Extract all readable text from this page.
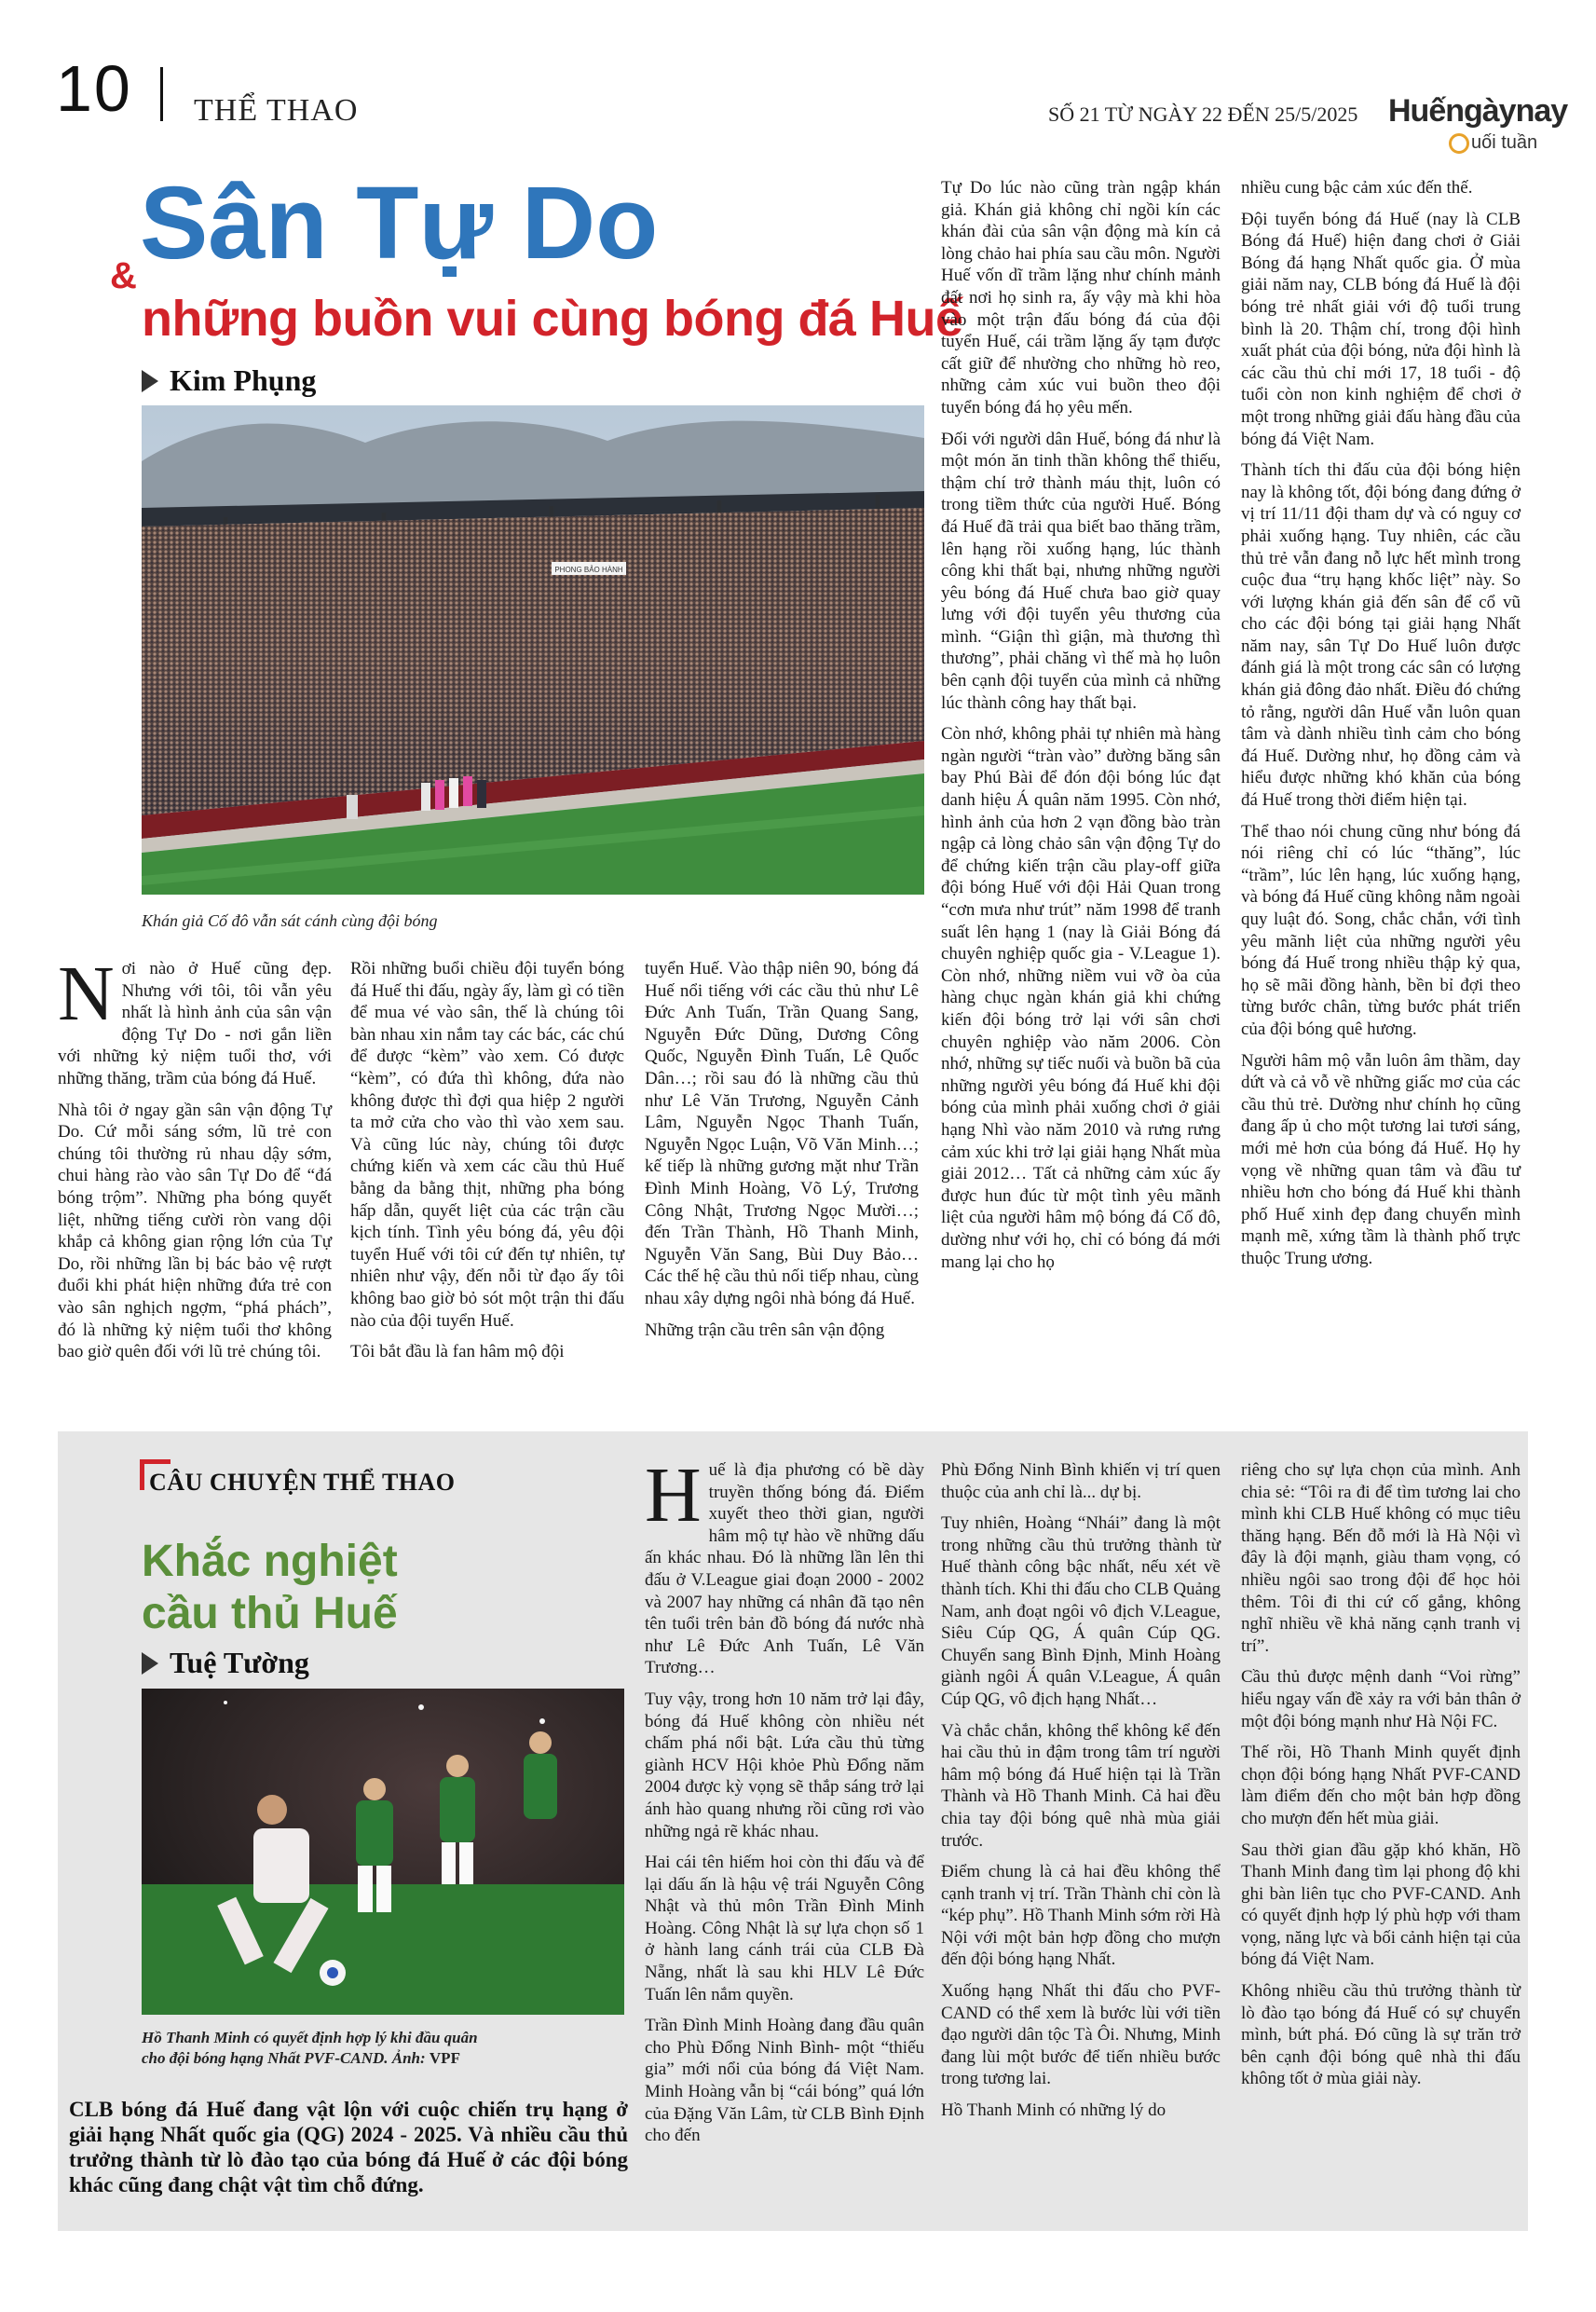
10 THỂ THAO	SỐ 21 TỪ NGÀY 22 ĐẾN 25/5/2025 Huếngàynay
uối tuần
Sân Tự Do
&
những buồn vui cùng bóng đá Huế
Kim Phụng
PHONG BẢO HÀNH
Khán giả Cố đô vẫn sát cánh cùng đội bóng
N ơi nào ở Huế cũng đẹp. Nhưng với tôi, tôi vẫn yêu nhất là hình ảnh của sân vận động Tự Do - nơi gắn liền với những kỷ niệm tuổi thơ, với những thăng, trầm của bóng đá Huế.

Nhà tôi ở ngay gần sân vận động Tự Do. Cứ mỗi sáng sớm, lũ trẻ con chúng tôi thường rủ nhau dậy sớm, chui hàng rào vào sân Tự Do để “đá bóng trộm”. Những pha bóng quyết liệt, những tiếng cười ròn vang dội khắp cả không gian rộng lớn của Tự Do, rồi những lần bị bác bảo vệ rượt đuổi khi phát hiện những đứa trẻ con vào sân nghịch ngợm, “phá phách”, đó là những kỷ niệm tuổi thơ không bao giờ quên đối với lũ trẻ chúng tôi.

Rồi những buổi chiều đội tuyển bóng đá Huế thi đấu, ngày ấy, làm gì có tiền để mua vé vào sân, thế là chúng tôi bàn nhau xin nắm tay các bác, các chú để được “kèm” vào xem. Có được “kèm”, có đứa thì không, đứa nào không được thì đợi qua hiệp 2 người ta mở cửa cho vào thì vào xem sau. Và cũng lúc này, chúng tôi được chứng kiến và xem các cầu thủ Huế bằng da bằng thịt, những pha bóng hấp dẫn, quyết liệt của các trận cầu kịch tính. Tình yêu bóng đá, yêu đội tuyển Huế với tôi cứ đến tự nhiên, tự nhiên như vậy, đến nỗi từ đạo ấy tôi không bao giờ bỏ sót một trận thi đấu nào của đội tuyển Huế.

Tôi bắt đầu là fan hâm mộ đội

tuyển Huế. Vào thập niên 90, bóng đá Huế nổi tiếng với các cầu thủ như Lê Đức Anh Tuấn, Trần Quang Sang, Nguyễn Đức Dũng, Dương Công Quốc, Nguyễn Đình Tuấn, Lê Quốc Dân…; rồi sau đó là những cầu thủ như Lê Văn Trương, Nguyễn Cảnh Lâm, Nguyễn Ngọc Thanh Tuấn, Nguyễn Ngọc Luận, Võ Văn Minh…; kế tiếp là những gương mặt như Trần Đình Minh Hoàng, Võ Lý, Trương Công Nhật, Trương Ngọc Mười…; đến Trần Thành, Hồ Thanh Minh, Nguyễn Văn Sang, Bùi Duy Bảo… Các thế hệ cầu thủ nối tiếp nhau, cùng nhau xây dựng ngôi nhà bóng đá Huế.

Những trận cầu trên sân vận động

Tự Do lúc nào cũng tràn ngập khán giả. Khán giả không chỉ ngồi kín các khán đài của sân vận động mà kín cả lòng chảo hai phía sau cầu môn. Người Huế vốn dĩ trầm lặng như chính mảnh đất nơi họ sinh ra, ấy vậy mà khi hòa vào một trận đấu bóng đá của đội tuyển Huế, cái trầm lặng ấy tạm được cất giữ để nhường cho những hò reo, những cảm xúc vui buồn theo đội tuyển bóng đá họ yêu mến.

Đối với người dân Huế, bóng đá như là một món ăn tinh thần không thể thiếu, thậm chí trở thành máu thịt, luôn có trong tiềm thức của người Huế. Bóng đá Huế đã trải qua biết bao thăng trầm, lên hạng rồi xuống hạng, lúc thành công khi thất bại, nhưng những người yêu bóng đá Huế chưa bao giờ quay lưng với đội tuyển yêu thương của mình. “Giận thì giận, mà thương thì thương”, phải chăng vì thế mà họ luôn bên cạnh đội tuyển của mình cả những lúc thành công hay thất bại.

Còn nhớ, không phải tự nhiên mà hàng ngàn người “tràn vào” đường băng sân bay Phú Bài để đón đội bóng lúc đạt danh hiệu Á quân năm 1995. Còn nhớ, hình ảnh của hơn 2 vạn đồng bào tràn ngập cả lòng chảo sân vận động Tự do để chứng kiến trận cầu play-off giữa đội bóng Huế với đội Hải Quan trong “cơn mưa như trút” năm 1998 để tranh suất lên hạng 1 (nay là Giải Bóng đá chuyên nghiệp quốc gia - V.League 1). Còn nhớ, những niềm vui vỡ òa của hàng chục ngàn khán giả khi chứng kiến đội bóng trở lại với sân chơi chuyên nghiệp vào năm 2006. Còn nhớ, những sự tiếc nuối và buồn bã của những người yêu bóng đá Huế khi đội bóng của mình phải xuống chơi ở giải hạng Nhì vào năm 2010 và rưng rưng cảm xúc khi trở lại giải hạng Nhất mùa giải 2012… Tất cả những cảm xúc ấy được hun đúc từ một tình yêu mãnh liệt của người hâm mộ bóng đá Cố đô, dường như với họ, chỉ có bóng đá mới mang lại cho họ

nhiều cung bậc cảm xúc đến thế.

Đội tuyển bóng đá Huế (nay là CLB Bóng đá Huế) hiện đang chơi ở Giải Bóng đá hạng Nhất quốc gia. Ở mùa giải năm nay, CLB bóng đá Huế là đội bóng trẻ nhất giải với độ tuổi trung bình là 20. Thậm chí, trong đội hình xuất phát của đội bóng, nửa đội hình là các cầu thủ chỉ mới 17, 18 tuổi - độ tuổi còn non kinh nghiệm để chơi ở một trong những giải đấu hàng đầu của bóng đá Việt Nam.

Thành tích thi đấu của đội bóng hiện nay là không tốt, đội bóng đang đứng ở vị trí 11/11 đội tham dự và có nguy cơ phải xuống hạng. Tuy nhiên, các cầu thủ trẻ vẫn đang nỗ lực hết mình trong cuộc đua “trụ hạng khốc liệt” này. So với lượng khán giả đến sân để cổ vũ cho các đội bóng tại giải hạng Nhất năm nay, sân Tự Do Huế luôn được đánh giá là một trong các sân có lượng khán giả đông đảo nhất. Điều đó chứng tỏ rằng, người dân Huế vẫn luôn quan tâm và dành nhiều tình cảm cho bóng đá Huế. Dường như, họ đồng cảm và hiểu được những khó khăn của bóng đá Huế trong thời điểm hiện tại.

Thể thao nói chung cũng như bóng đá nói riêng chỉ có lúc “thăng”, lúc “trầm”, lúc lên hạng, lúc xuống hạng, và bóng đá Huế cũng không nằm ngoài quy luật đó. Song, chắc chắn, với tình yêu mãnh liệt của những người yêu bóng đá Huế trong nhiều thập kỷ qua, họ sẽ mãi đồng hành, bền bỉ đợi theo từng bước chân, từng bước phát triển của đội bóng quê hương.

Người hâm mộ vẫn luôn âm thầm, day dứt và cả vỗ về những giấc mơ của các cầu thủ trẻ. Dường như chính họ cũng đang ấp ủ cho một tương lai tươi sáng, mới mẻ hơn của bóng đá Huế. Họ hy vọng về những quan tâm và đầu tư nhiều hơn cho bóng đá Huế khi thành phố Huế xinh đẹp đang chuyển mình mạnh mẽ, xứng tầm là thành phố trực thuộc Trung ương.

CÂU CHUYỆN THỂ THAO
Khắc nghiệt
cầu thủ Huế
Tuệ Tường
Hồ Thanh Minh có quyết định hợp lý khi đầu quân
cho đội bóng hạng Nhất PVF-CAND. Ảnh: VPF
CLB bóng đá Huế đang vật lộn với cuộc chiến trụ hạng ở giải hạng Nhất quốc gia (QG) 2024 - 2025. Và nhiều cầu thủ trưởng thành từ lò đào tạo của bóng đá Huế ở các đội bóng khác cũng đang chật vật tìm chỗ đứng.
H uế là địa phương có bề dày truyền thống bóng đá. Điểm xuyết theo thời gian, người hâm mộ tự hào về những dấu ấn khác nhau. Đó là những lần lên thi đấu ở V.League giai đoạn 2000 - 2002 và 2007 hay những cá nhân đã tạo nên tên tuổi trên bản đồ bóng đá nước nhà như Lê Đức Anh Tuấn, Lê Văn Trương…

Tuy vậy, trong hơn 10 năm trở lại đây, bóng đá Huế không còn nhiều nét chấm phá nổi bật. Lứa cầu thủ từng giành HCV Hội khỏe Phù Đổng năm 2004 được kỳ vọng sẽ thắp sáng trở lại ánh hào quang nhưng rồi cũng rơi vào những ngả rẽ khác nhau.

Hai cái tên hiếm hoi còn thi đấu và để lại dấu ấn là hậu vệ trái Nguyễn Công Nhật và thủ môn Trần Đình Minh Hoàng. Công Nhật là sự lựa chọn số 1 ở hành lang cánh trái của CLB Đà Nẵng, nhất là sau khi HLV Lê Đức Tuấn lên nắm quyền.

Trần Đình Minh Hoàng đang đầu quân cho Phù Đổng Ninh Bình- một “thiếu gia” mới nổi của bóng đá Việt Nam. Minh Hoàng vẫn bị “cái bóng” quá lớn của Đặng Văn Lâm, từ CLB Bình Định cho đến

Phù Đổng Ninh Bình khiến vị trí quen thuộc của anh chỉ là... dự bị.

Tuy nhiên, Hoàng “Nhái” đang là một trong những cầu thủ trưởng thành từ Huế thành công bậc nhất, nếu xét về thành tích. Khi thi đấu cho CLB Quảng Nam, anh đoạt ngôi vô địch V.League, Siêu Cúp QG, Á quân Cúp QG. Chuyển sang Bình Định, Minh Hoàng giành ngôi Á quân V.League, Á quân Cúp QG, vô địch hạng Nhất…

Và chắc chắn, không thể không kể đến hai cầu thủ in đậm trong tâm trí người hâm mộ bóng đá Huế hiện tại là Trần Thành và Hồ Thanh Minh. Cả hai đều chia tay đội bóng quê nhà mùa giải trước.

Điểm chung là cả hai đều không thể cạnh tranh vị trí. Trần Thành chỉ còn là “kép phụ”. Hồ Thanh Minh sớm rời Hà Nội với một bản hợp đồng cho mượn đến đội bóng hạng Nhất.

Xuống hạng Nhất thi đấu cho PVF-CAND có thể xem là bước lùi với tiền đạo người dân tộc Tà Ôi. Nhưng, Minh đang lùi một bước để tiến nhiều bước trong tương lai.

Hồ Thanh Minh có những lý do

riêng cho sự lựa chọn của mình. Anh chia sẻ: “Tôi ra đi để tìm tương lai cho mình khi CLB Huế không có mục tiêu thăng hạng. Bến đỗ mới là Hà Nội vì đây là đội mạnh, giàu tham vọng, có nhiều ngôi sao trong đội để học hỏi thêm. Tôi đi thi cứ cố gắng, không nghĩ nhiều về khả năng cạnh tranh vị trí”.

Cầu thủ được mệnh danh “Voi rừng” hiểu ngay vấn đề xảy ra với bản thân ở một đội bóng mạnh như Hà Nội FC.

Thế rồi, Hồ Thanh Minh quyết định chọn đội bóng hạng Nhất PVF-CAND làm điểm đến cho một bản hợp đồng cho mượn đến hết mùa giải.

Sau thời gian đầu gặp khó khăn, Hồ Thanh Minh đang tìm lại phong độ khi ghi bàn liên tục cho PVF-CAND. Anh có quyết định hợp lý phù hợp với tham vọng, năng lực và bối cảnh hiện tại của bóng đá Việt Nam.

Không nhiều cầu thủ trưởng thành từ lò đào tạo bóng đá Huế có sự chuyển mình, bứt phá. Đó cũng là sự trăn trở bên cạnh đội bóng quê nhà thi đấu không tốt ở mùa giải này.
